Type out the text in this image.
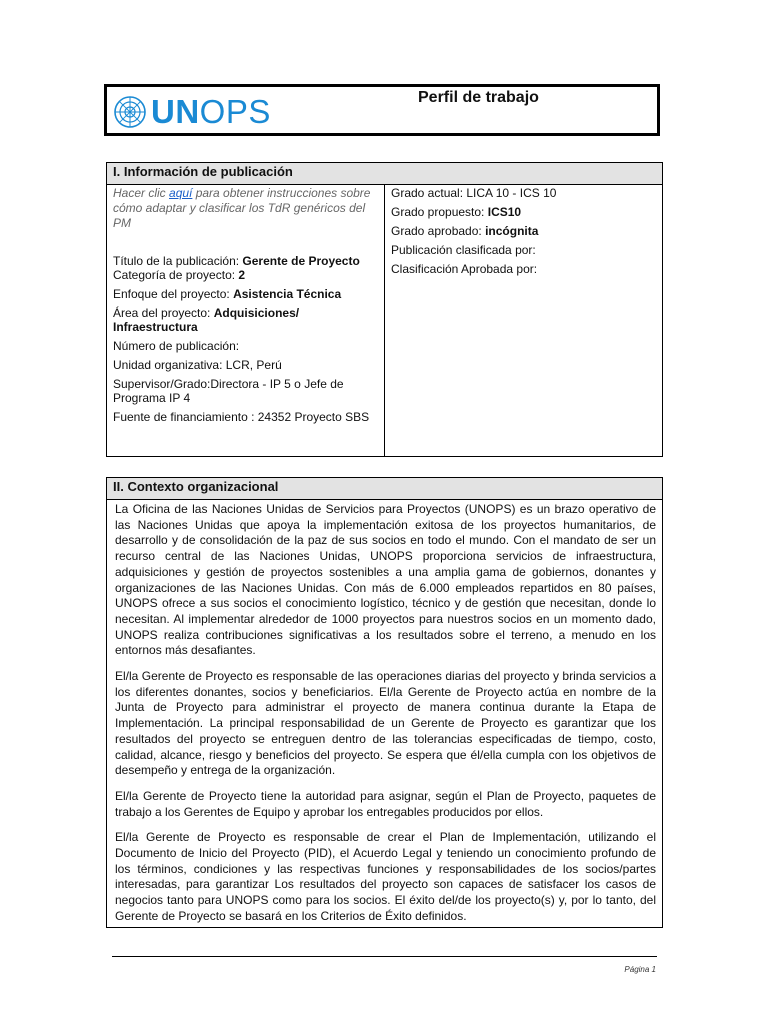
UNOPS	Perfil de trabajo
I. Información de publicación

Hacer clic aquí para obtener instrucciones sobre cómo adaptar y clasificar los TdR genéricos del PM
Título de la publicación: Gerente de Proyecto
Categoría de proyecto: 2
Enfoque del proyecto: Asistencia Técnica
Área del proyecto: Adquisiciones/ Infraestructura
Número de publicación:
Unidad organizativa: LCR, Perú
Supervisor/Grado:Directora - IP 5 o Jefe de Programa IP 4
Fuente de financiamiento : 24352 Proyecto SBS

Grado actual: LICA 10 - ICS 10
Grado propuesto: ICS10
Grado aprobado: incógnita
Publicación clasificada por:
Clasificación Aprobada por:
II. Contexto organizacional

La Oficina de las Naciones Unidas de Servicios para Proyectos (UNOPS) es un brazo operativo de las Naciones Unidas que apoya la implementación exitosa de los proyectos humanitarios, de desarrollo y de consolidación de la paz de sus socios en todo el mundo. Con el mandato de ser un recurso central de las Naciones Unidas, UNOPS proporciona servicios de infraestructura, adquisiciones y gestión de proyectos sostenibles a una amplia gama de gobiernos, donantes y organizaciones de las Naciones Unidas. Con más de 6.000 empleados repartidos en 80 países, UNOPS ofrece a sus socios el conocimiento logístico, técnico y de gestión que necesitan, donde lo necesitan. Al implementar alrededor de 1000 proyectos para nuestros socios en un momento dado, UNOPS realiza contribuciones significativas a los resultados sobre el terreno, a menudo en los entornos más desafiantes.

El/la Gerente de Proyecto es responsable de las operaciones diarias del proyecto y brinda servicios a los diferentes donantes, socios y beneficiarios. El/la Gerente de Proyecto actúa en nombre de la Junta de Proyecto para administrar el proyecto de manera continua durante la Etapa de Implementación. La principal responsabilidad de un Gerente de Proyecto es garantizar que los resultados del proyecto se entreguen dentro de las tolerancias especificadas de tiempo, costo, calidad, alcance, riesgo y beneficios del proyecto. Se espera que él/ella cumpla con los objetivos de desempeño y entrega de la organización.

El/la Gerente de Proyecto tiene la autoridad para asignar, según el Plan de Proyecto, paquetes de trabajo a los Gerentes de Equipo y aprobar los entregables producidos por ellos.

El/la Gerente de Proyecto es responsable de crear el Plan de Implementación, utilizando el Documento de Inicio del Proyecto (PID), el Acuerdo Legal y teniendo un conocimiento profundo de los términos, condiciones y las respectivas funciones y responsabilidades de los socios/partes interesadas, para garantizar Los resultados del proyecto son capaces de satisfacer los casos de negocios tanto para UNOPS como para los socios. El éxito del/de los proyecto(s) y, por lo tanto, del Gerente de Proyecto se basará en los Criterios de Éxito definidos.

Página 1
